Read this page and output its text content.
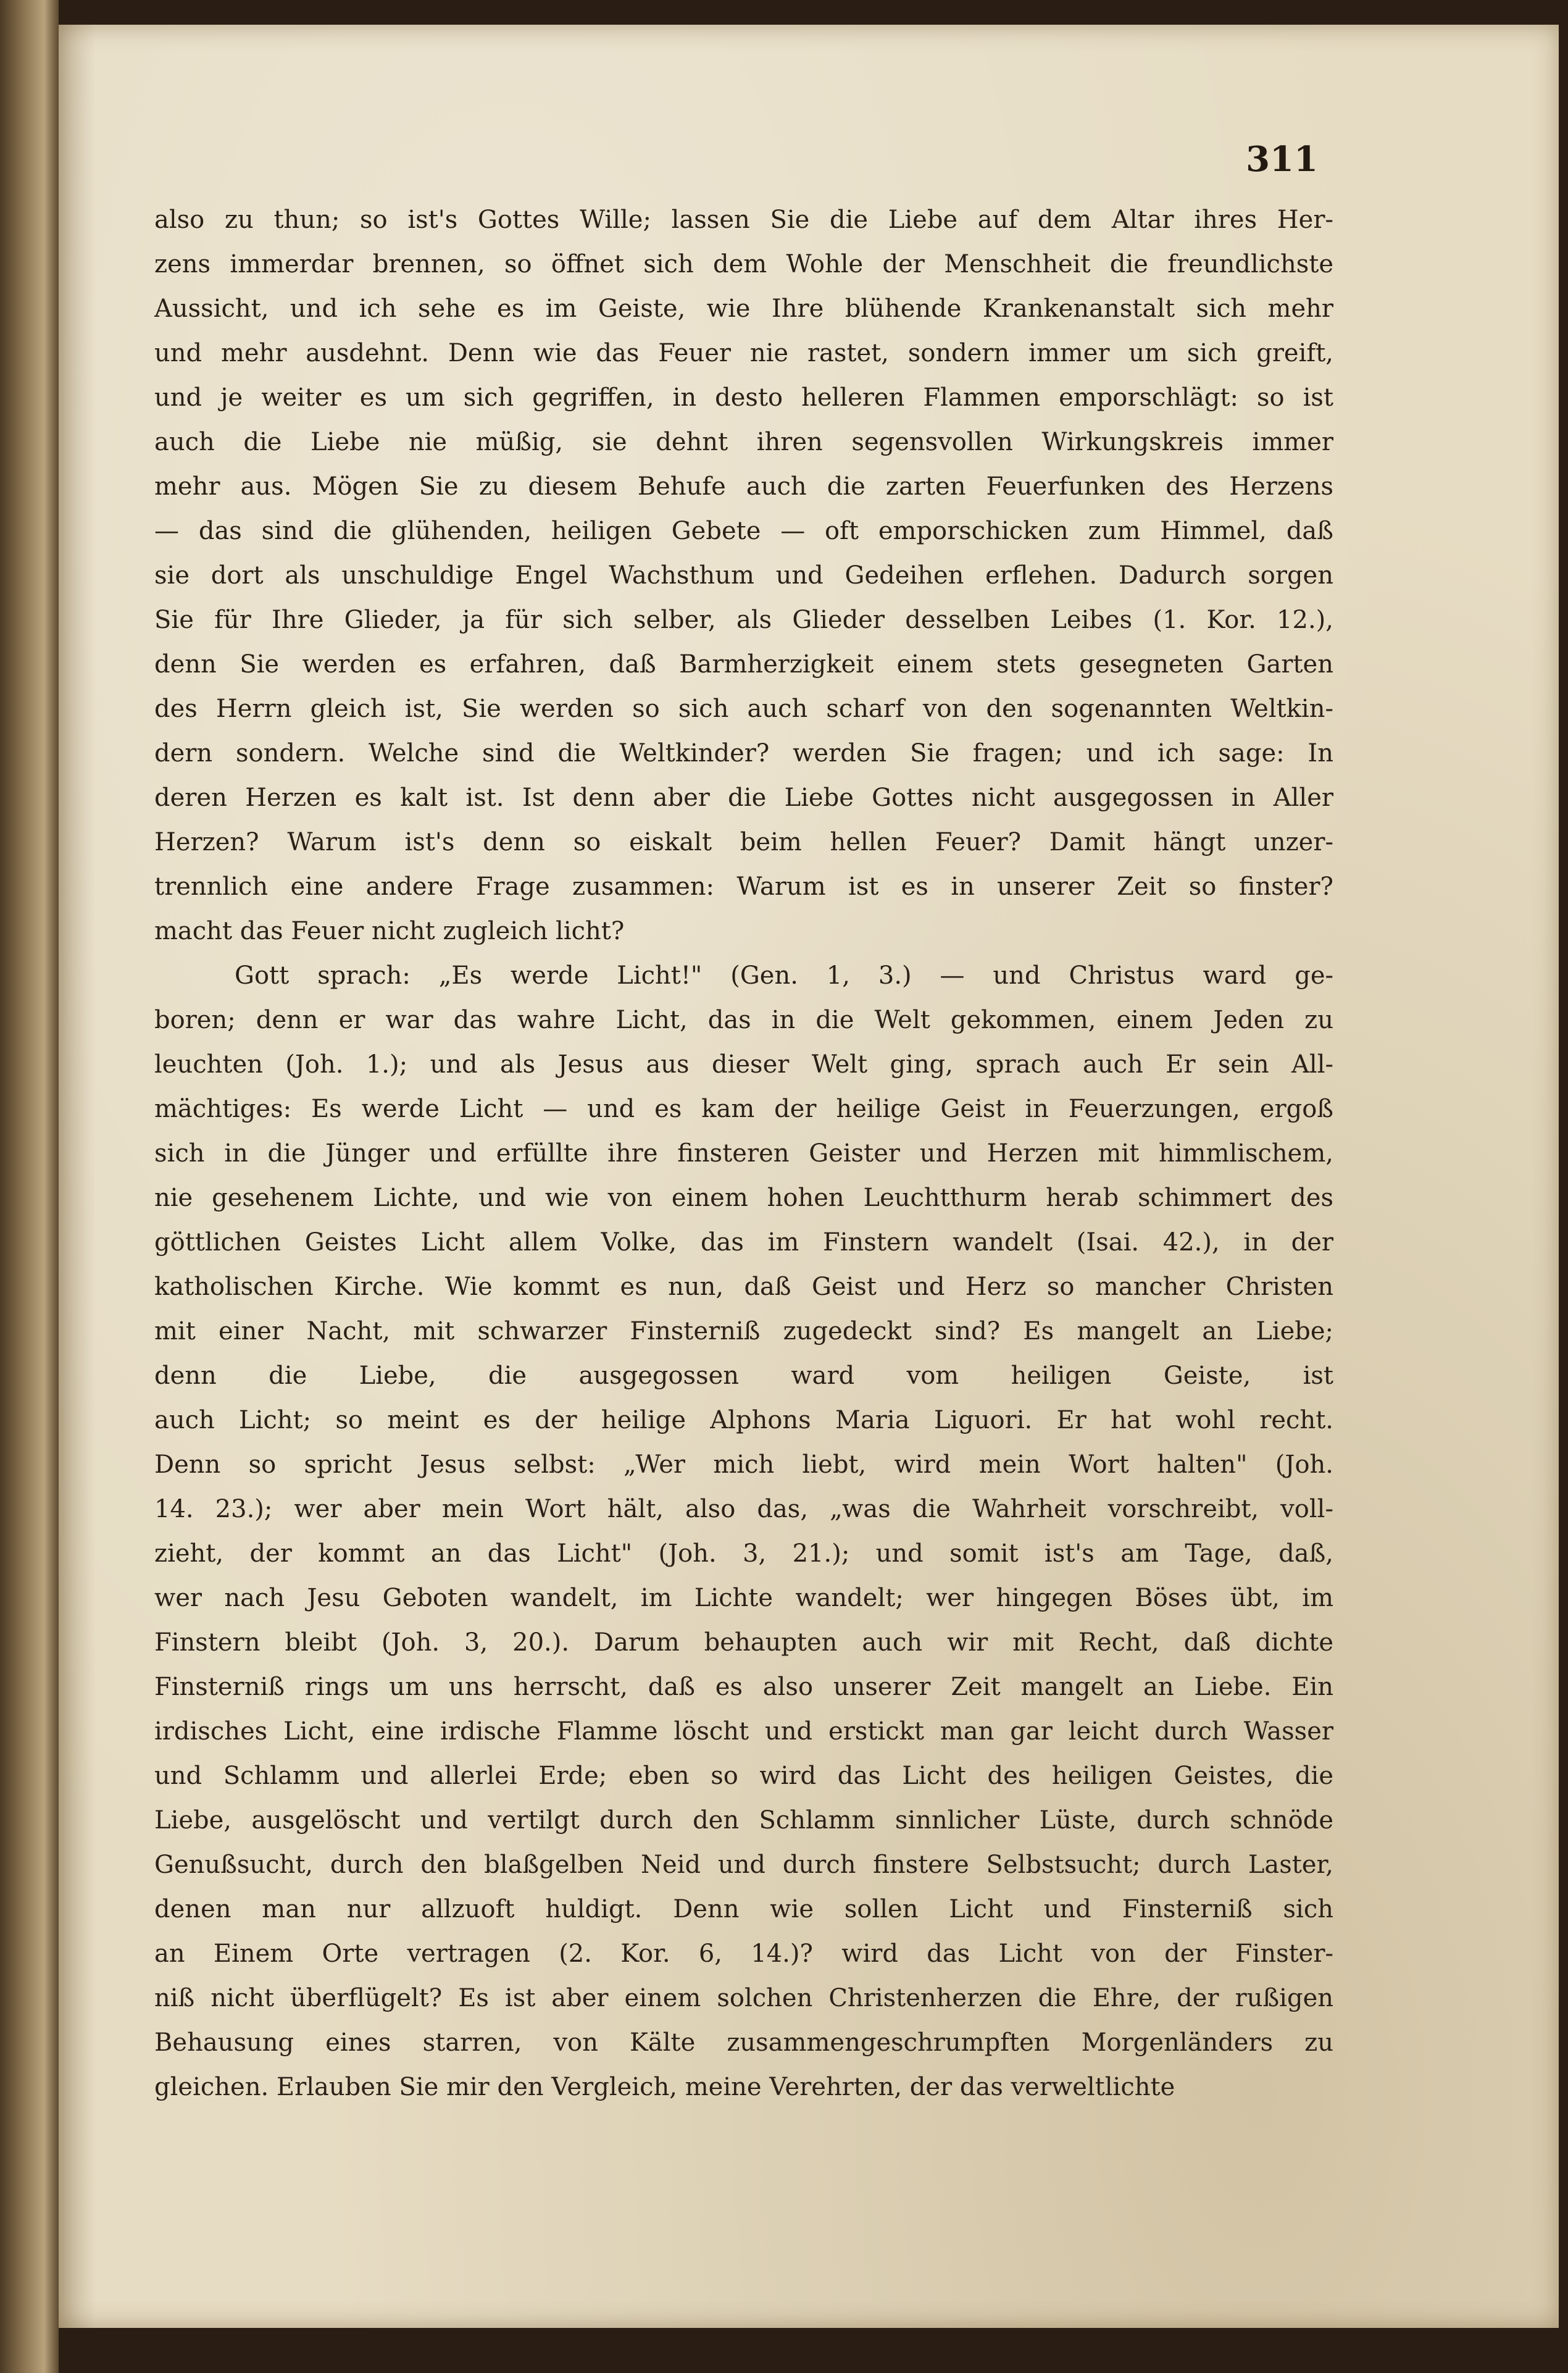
311
also zu thun; so ist's Gottes Wille; lassen Sie die Liebe auf dem Altar ihres Her-
zens immerdar brennen, so öffnet sich dem Wohle der Menschheit die freundlichste
Aussicht, und ich sehe es im Geiste, wie Ihre blühende Krankenanstalt sich mehr
und mehr ausdehnt. Denn wie das Feuer nie rastet, sondern immer um sich greift,
und je weiter es um sich gegriffen, in desto helleren Flammen emporschlägt: so ist
auch die Liebe nie müßig, sie dehnt ihren segensvollen Wirkungskreis immer
mehr aus. Mögen Sie zu diesem Behufe auch die zarten Feuerfunken des Herzens
— das sind die glühenden, heiligen Gebete — oft emporschicken zum Himmel, daß
sie dort als unschuldige Engel Wachsthum und Gedeihen erflehen. Dadurch sorgen
Sie für Ihre Glieder, ja für sich selber, als Glieder desselben Leibes (1. Kor. 12.),
denn Sie werden es erfahren, daß Barmherzigkeit einem stets gesegneten Garten
des Herrn gleich ist, Sie werden so sich auch scharf von den sogenannten Weltkin-
dern sondern. Welche sind die Weltkinder? werden Sie fragen; und ich sage: In
deren Herzen es kalt ist. Ist denn aber die Liebe Gottes nicht ausgegossen in Aller
Herzen? Warum ist's denn so eiskalt beim hellen Feuer? Damit hängt unzer-
trennlich eine andere Frage zusammen: Warum ist es in unserer Zeit so finster?
macht das Feuer nicht zugleich licht?
Gott sprach: „Es werde Licht!" (Gen. 1, 3.) — und Christus ward ge-
boren; denn er war das wahre Licht, das in die Welt gekommen, einem Jeden zu
leuchten (Joh. 1.); und als Jesus aus dieser Welt ging, sprach auch Er sein All-
mächtiges: Es werde Licht — und es kam der heilige Geist in Feuerzungen, ergoß
sich in die Jünger und erfüllte ihre finsteren Geister und Herzen mit himmlischem,
nie gesehenem Lichte, und wie von einem hohen Leuchtthurm herab schimmert des
göttlichen Geistes Licht allem Volke, das im Finstern wandelt (Isai. 42.), in der
katholischen Kirche. Wie kommt es nun, daß Geist und Herz so mancher Christen
mit einer Nacht, mit schwarzer Finsterniß zugedeckt sind? Es mangelt an Liebe;
denn die Liebe, die ausgegossen ward vom heiligen Geiste, ist
auch Licht; so meint es der heilige Alphons Maria Liguori. Er hat wohl recht.
Denn so spricht Jesus selbst: „Wer mich liebt, wird mein Wort halten" (Joh.
14. 23.); wer aber mein Wort hält, also das, „was die Wahrheit vorschreibt, voll-
zieht, der kommt an das Licht" (Joh. 3, 21.); und somit ist's am Tage, daß,
wer nach Jesu Geboten wandelt, im Lichte wandelt; wer hingegen Böses übt, im
Finstern bleibt (Joh. 3, 20.). Darum behaupten auch wir mit Recht, daß dichte
Finsterniß rings um uns herrscht, daß es also unserer Zeit mangelt an Liebe. Ein
irdisches Licht, eine irdische Flamme löscht und erstickt man gar leicht durch Wasser
und Schlamm und allerlei Erde; eben so wird das Licht des heiligen Geistes, die
Liebe, ausgelöscht und vertilgt durch den Schlamm sinnlicher Lüste, durch schnöde
Genußsucht, durch den blaßgelben Neid und durch finstere Selbstsucht; durch Laster,
denen man nur allzuoft huldigt. Denn wie sollen Licht und Finsterniß sich
an Einem Orte vertragen (2. Kor. 6, 14.)? wird das Licht von der Finster-
niß nicht überflügelt? Es ist aber einem solchen Christenherzen die Ehre, der rußigen
Behausung eines starren, von Kälte zusammengeschrumpften Morgenländers zu
gleichen. Erlauben Sie mir den Vergleich, meine Verehrten, der das verweltlichte
